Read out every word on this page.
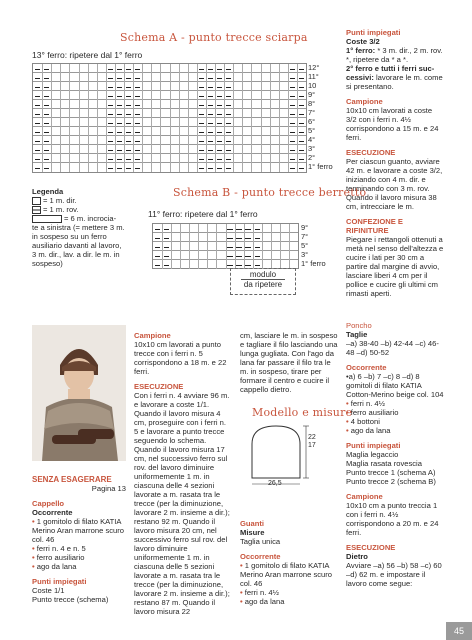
Schema A - punto trecce sciarpa
13° ferro: ripetere dal 1° ferro
12°
11°
10
9°
8°
7°
6°
5°
4°
3°
2°
1° ferro
Legenda
= 1 m. dir.
= 1 m. rov.
= 6 m. incrocia-
te a sinistra (= mettere 3 m. in sospeso su un ferro ausiliario davanti al lavoro, 3 m. dir., lav. a dir. le m. in sospeso)
Schema B - punto trecce berretto
11° ferro: ripetere dal 1° ferro
9°
7°
5°
3°
1° ferro
modulo
da ripetere

Punti impiegati

Coste 3/2

1° ferro: * 3 m. dir., 2 m. rov. *, ripetere da * a *.

2° ferro e tutti i ferri suc-cessivi: lavorare le m. come si presentano.

Campione

10x10 cm lavorati a coste 3/2 con i ferri n. 4½ corrispondono a 15 m. e 24 ferri.

ESECUZIONE

Per ciascun guanto, avviare 42 m. e lavorare a coste 3/2, iniziando con 4 m. dir. e terminando con 3 m. rov. Quando il lavoro misura 38 cm, intrecciare le m.

CONFEZIONE E RIFINITURE

Piegare i rettangoli ottenuti a metà nel senso dell'altezza e cucire i lati per 30 cm a partire dal margine di avvio, lasciare liberi 4 cm per il pollice e cucire gli ultimi cm rimasti aperti.

Poncho

Taglie

–a) 38-40 –b) 42-44 –c) 46-48 –d) 50-52

Occorrente

•a) 6 –b) 7 –c) 8 –d) 8 gomitoli di filato KATIA Cotton-Merino beige col. 104

• ferri n. 4½

• ferro ausiliario

• 4 bottoni

• ago da lana

Punti impiegati

Maglia legaccio

Maglia rasata rovescia

Punto trecce 1 (schema A)

Punto trecce 2 (schema B)

Campione

10x10 cm a punto treccia 1 con i ferri n. 4½ corrispondono a 20 m. e 24 ferri.

ESECUZIONE

Dietro

Avviare –a) 56 –b) 58 –c) 60 –d) 62 m. e impostare il lavoro come segue:

SENZA ESAGERARE

Pagina 13

Cappello

Occorrente

• 1 gomitolo di filato KATIA Merino Aran marrone scuro col. 46

• ferri n. 4 e n. 5

• ferro ausiliario

• ago da lana

Punti impiegati

Coste 1/1

Punto trecce (schema)

Campione

10x10 cm lavorati a punto trecce con i ferri n. 5 corrispondono a 18 m. e 22 ferri.

ESECUZIONE

Con i ferri n. 4 avviare 96 m. e lavorare a coste 1/1. Quando il lavoro misura 4 cm, proseguire con i ferri n. 5 e lavorare a punto trecce seguendo lo schema. Quando il lavoro misura 17 cm, nel successivo ferro sul rov. del lavoro diminuire uniformemente 1 m. in ciascuna delle 4 sezioni lavorate a m. rasata tra le trecce (per la diminuzione, lavorare 2 m. insieme a dir.); restano 92 m. Quando il lavoro misura 20 cm, nel successivo ferro sul rov. del lavoro diminuire uniformemente 1 m. in ciascuna delle 5 sezioni lavorate a m. rasata tra le trecce (per la diminuzione, lavorare 2 m. insieme a dir.); restano 87 m. Quando il lavoro misura 22

cm, lasciare le m. in sospeso e tagliare il filo lasciando una lunga gugliata. Con l'ago da lana far passare il filo tra le m. in sospeso, tirare per formare il centro e cucire il cappello dietro.

Modello e misure
22
17
26,5

Guanti

Misure

Taglia unica

Occorrente

• 1 gomitolo di filato KATIA Merino Aran marrone scuro col. 46

• ferri n. 4½

• ago da lana

45
